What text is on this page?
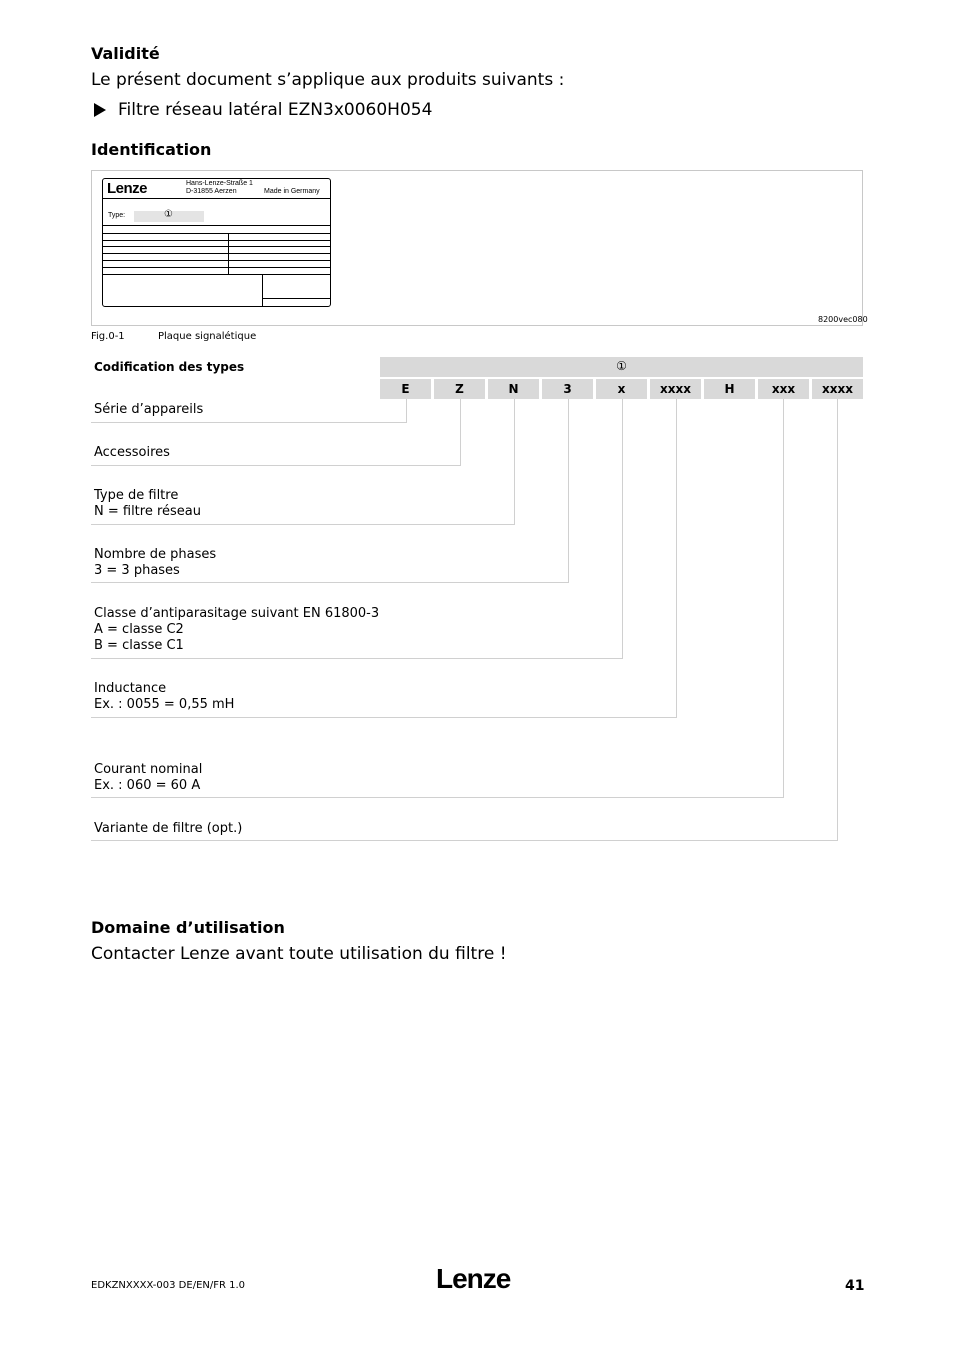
Validité
Le présent document s’applique aux produits suivants :
Filtre réseau latéral EZN3x0060H054
Identification
Lenze	Hans-Lenze-Straße 1
D-31855 Aerzen	Made in Germany
Type:	①
8200vec080
Fig.0-1	Plaque signalétique
Codification des types	①
E	Z	N	3	x	xxxx	H	xxx	xxxx
Série d’appareils
Accessoires
Type de filtre
N = filtre réseau
Nombre de phases
3 = 3 phases
Classe d’antiparasitage suivant EN 61800-3
A = classe C2
B = classe C1
Inductance
Ex. : 0055 = 0,55 mH
Courant nominal
Ex. : 060 = 60 A
Variante de filtre (opt.)
Domaine d’utilisation
Contacter Lenze avant toute utilisation du filtre !
EDKZNXXXX-003 DE/EN/FR 1.0	Lenze	41
